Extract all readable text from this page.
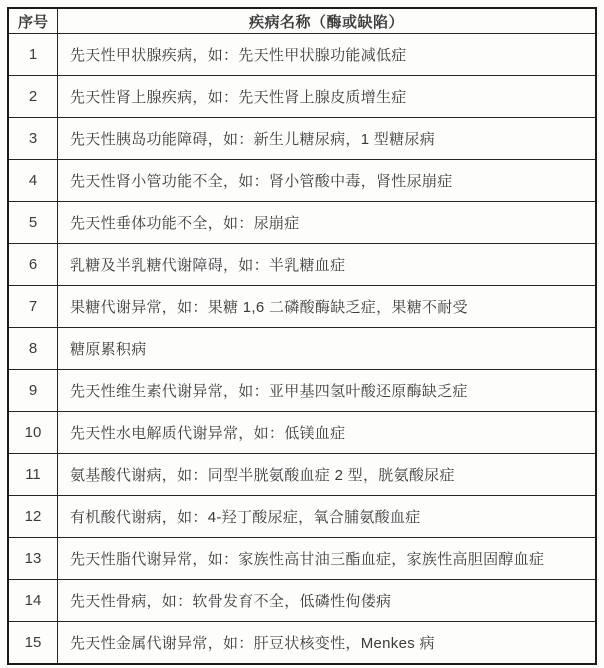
序号	疾病名称（酶或缺陷）
1	先天性甲状腺疾病，如：先天性甲状腺功能减低症
2	先天性肾上腺疾病，如：先天性肾上腺皮质增生症
3	先天性胰岛功能障碍，如：新生儿糖尿病，1 型糖尿病
4	先天性肾小管功能不全，如：肾小管酸中毒，肾性尿崩症
5	先天性垂体功能不全，如：尿崩症
6	乳糖及半乳糖代谢障碍，如：半乳糖血症
7	果糖代谢异常，如：果糖 1,6 二磷酸酶缺乏症，果糖不耐受
8	糖原累积病
9	先天性维生素代谢异常，如：亚甲基四氢叶酸还原酶缺乏症
10	先天性水电解质代谢异常，如：低镁血症
11	氨基酸代谢病，如：同型半胱氨酸血症 2 型，胱氨酸尿症
12	有机酸代谢病，如：4-羟丁酸尿症，氧合脯氨酸血症
13	先天性脂代谢异常，如：家族性高甘油三酯血症，家族性高胆固醇血症
14	先天性骨病，如：软骨发育不全，低磷性佝偻病
15	先天性金属代谢异常，如：肝豆状核变性，Menkes 病
